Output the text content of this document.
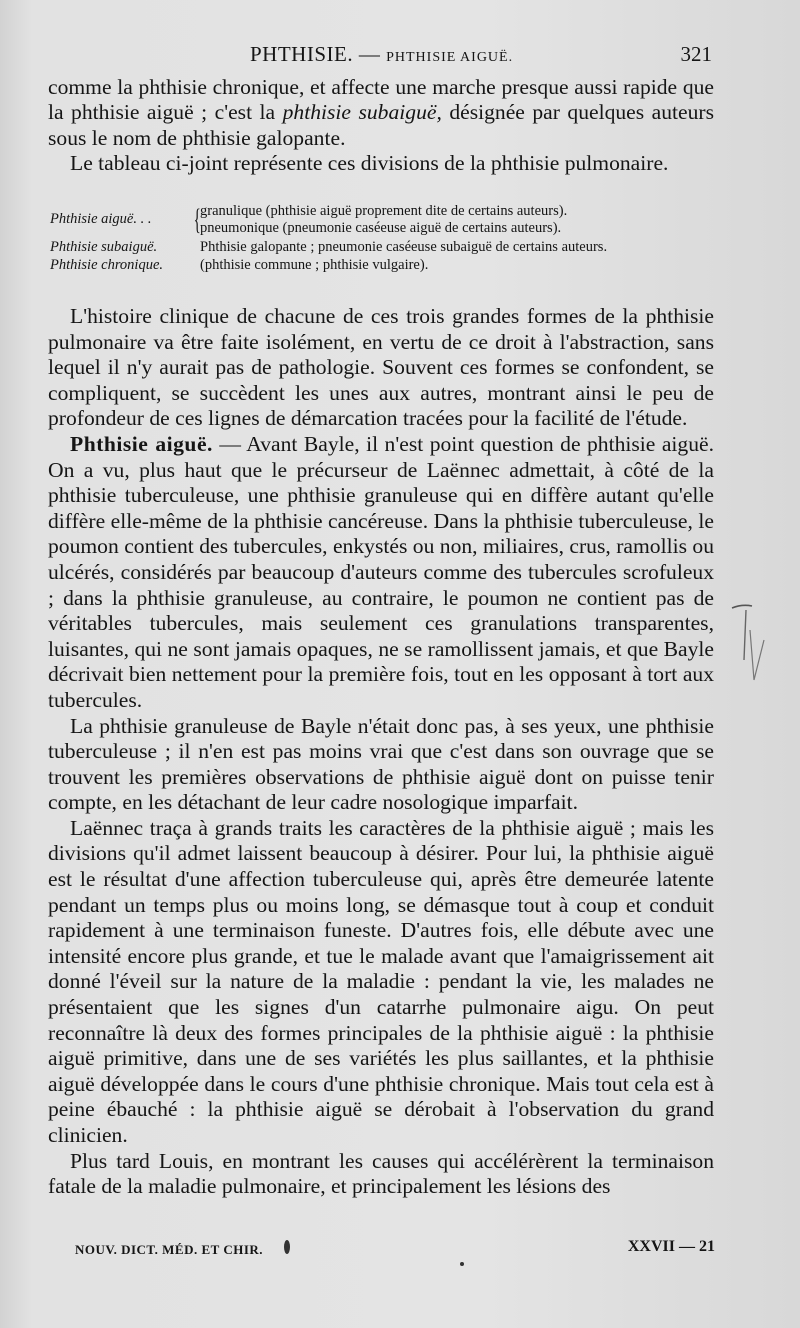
PHTHISIE. — PHTHISIE AIGUË.	321

comme la phthisie chronique, et affecte une marche presque aussi rapide que la phthisie aiguë ; c'est la phthisie subaiguë, désignée par quelques auteurs sous le nom de phthisie galopante.

Le tableau ci-joint représente ces divisions de la phthisie pulmonaire.

Phthisie aiguë. . . { granulique (phthisie aiguë proprement dite de certains auteurs).
pneumonique (pneumonie caséeuse aiguë de certains auteurs).
Phthisie subaiguë.	Phthisie galopante ; pneumonie caséeuse subaiguë de certains auteurs.
Phthisie chronique.	(phthisie commune ; phthisie vulgaire).

L'histoire clinique de chacune de ces trois grandes formes de la phthisie pulmonaire va être faite isolément, en vertu de ce droit à l'abstraction, sans lequel il n'y aurait pas de pathologie. Souvent ces formes se confondent, se compliquent, se succèdent les unes aux autres, montrant ainsi le peu de profondeur de ces lignes de démarcation tracées pour la facilité de l'étude.

Phthisie aiguë. — Avant Bayle, il n'est point question de phthisie aiguë. On a vu, plus haut que le précurseur de Laënnec admettait, à côté de la phthisie tuberculeuse, une phthisie granuleuse qui en diffère autant qu'elle diffère elle-même de la phthisie cancéreuse. Dans la phthisie tuberculeuse, le poumon contient des tubercules, enkystés ou non, miliaires, crus, ramollis ou ulcérés, considérés par beaucoup d'auteurs comme des tubercules scrofuleux ; dans la phthisie granuleuse, au contraire, le poumon ne contient pas de véritables tubercules, mais seulement ces granulations transparentes, luisantes, qui ne sont jamais opaques, ne se ramollissent jamais, et que Bayle décrivait bien nettement pour la première fois, tout en les opposant à tort aux tubercules.

La phthisie granuleuse de Bayle n'était donc pas, à ses yeux, une phthisie tuberculeuse ; il n'en est pas moins vrai que c'est dans son ouvrage que se trouvent les premières observations de phthisie aiguë dont on puisse tenir compte, en les détachant de leur cadre nosologique imparfait.

Laënnec traça à grands traits les caractères de la phthisie aiguë ; mais les divisions qu'il admet laissent beaucoup à désirer. Pour lui, la phthisie aiguë est le résultat d'une affection tuberculeuse qui, après être demeurée latente pendant un temps plus ou moins long, se démasque tout à coup et conduit rapidement à une terminaison funeste. D'autres fois, elle débute avec une intensité encore plus grande, et tue le malade avant que l'amaigrissement ait donné l'éveil sur la nature de la maladie : pendant la vie, les malades ne présentaient que les signes d'un catarrhe pulmonaire aigu. On peut reconnaître là deux des formes principales de la phthisie aiguë : la phthisie aiguë primitive, dans une de ses variétés les plus saillantes, et la phthisie aiguë développée dans le cours d'une phthisie chronique. Mais tout cela est à peine ébauché : la phthisie aiguë se dérobait à l'observation du grand clinicien.

Plus tard Louis, en montrant les causes qui accélérèrent la terminaison fatale de la maladie pulmonaire, et principalement les lésions des

NOUV. DICT. MÉD. ET CHIR.	XXVII — 21
